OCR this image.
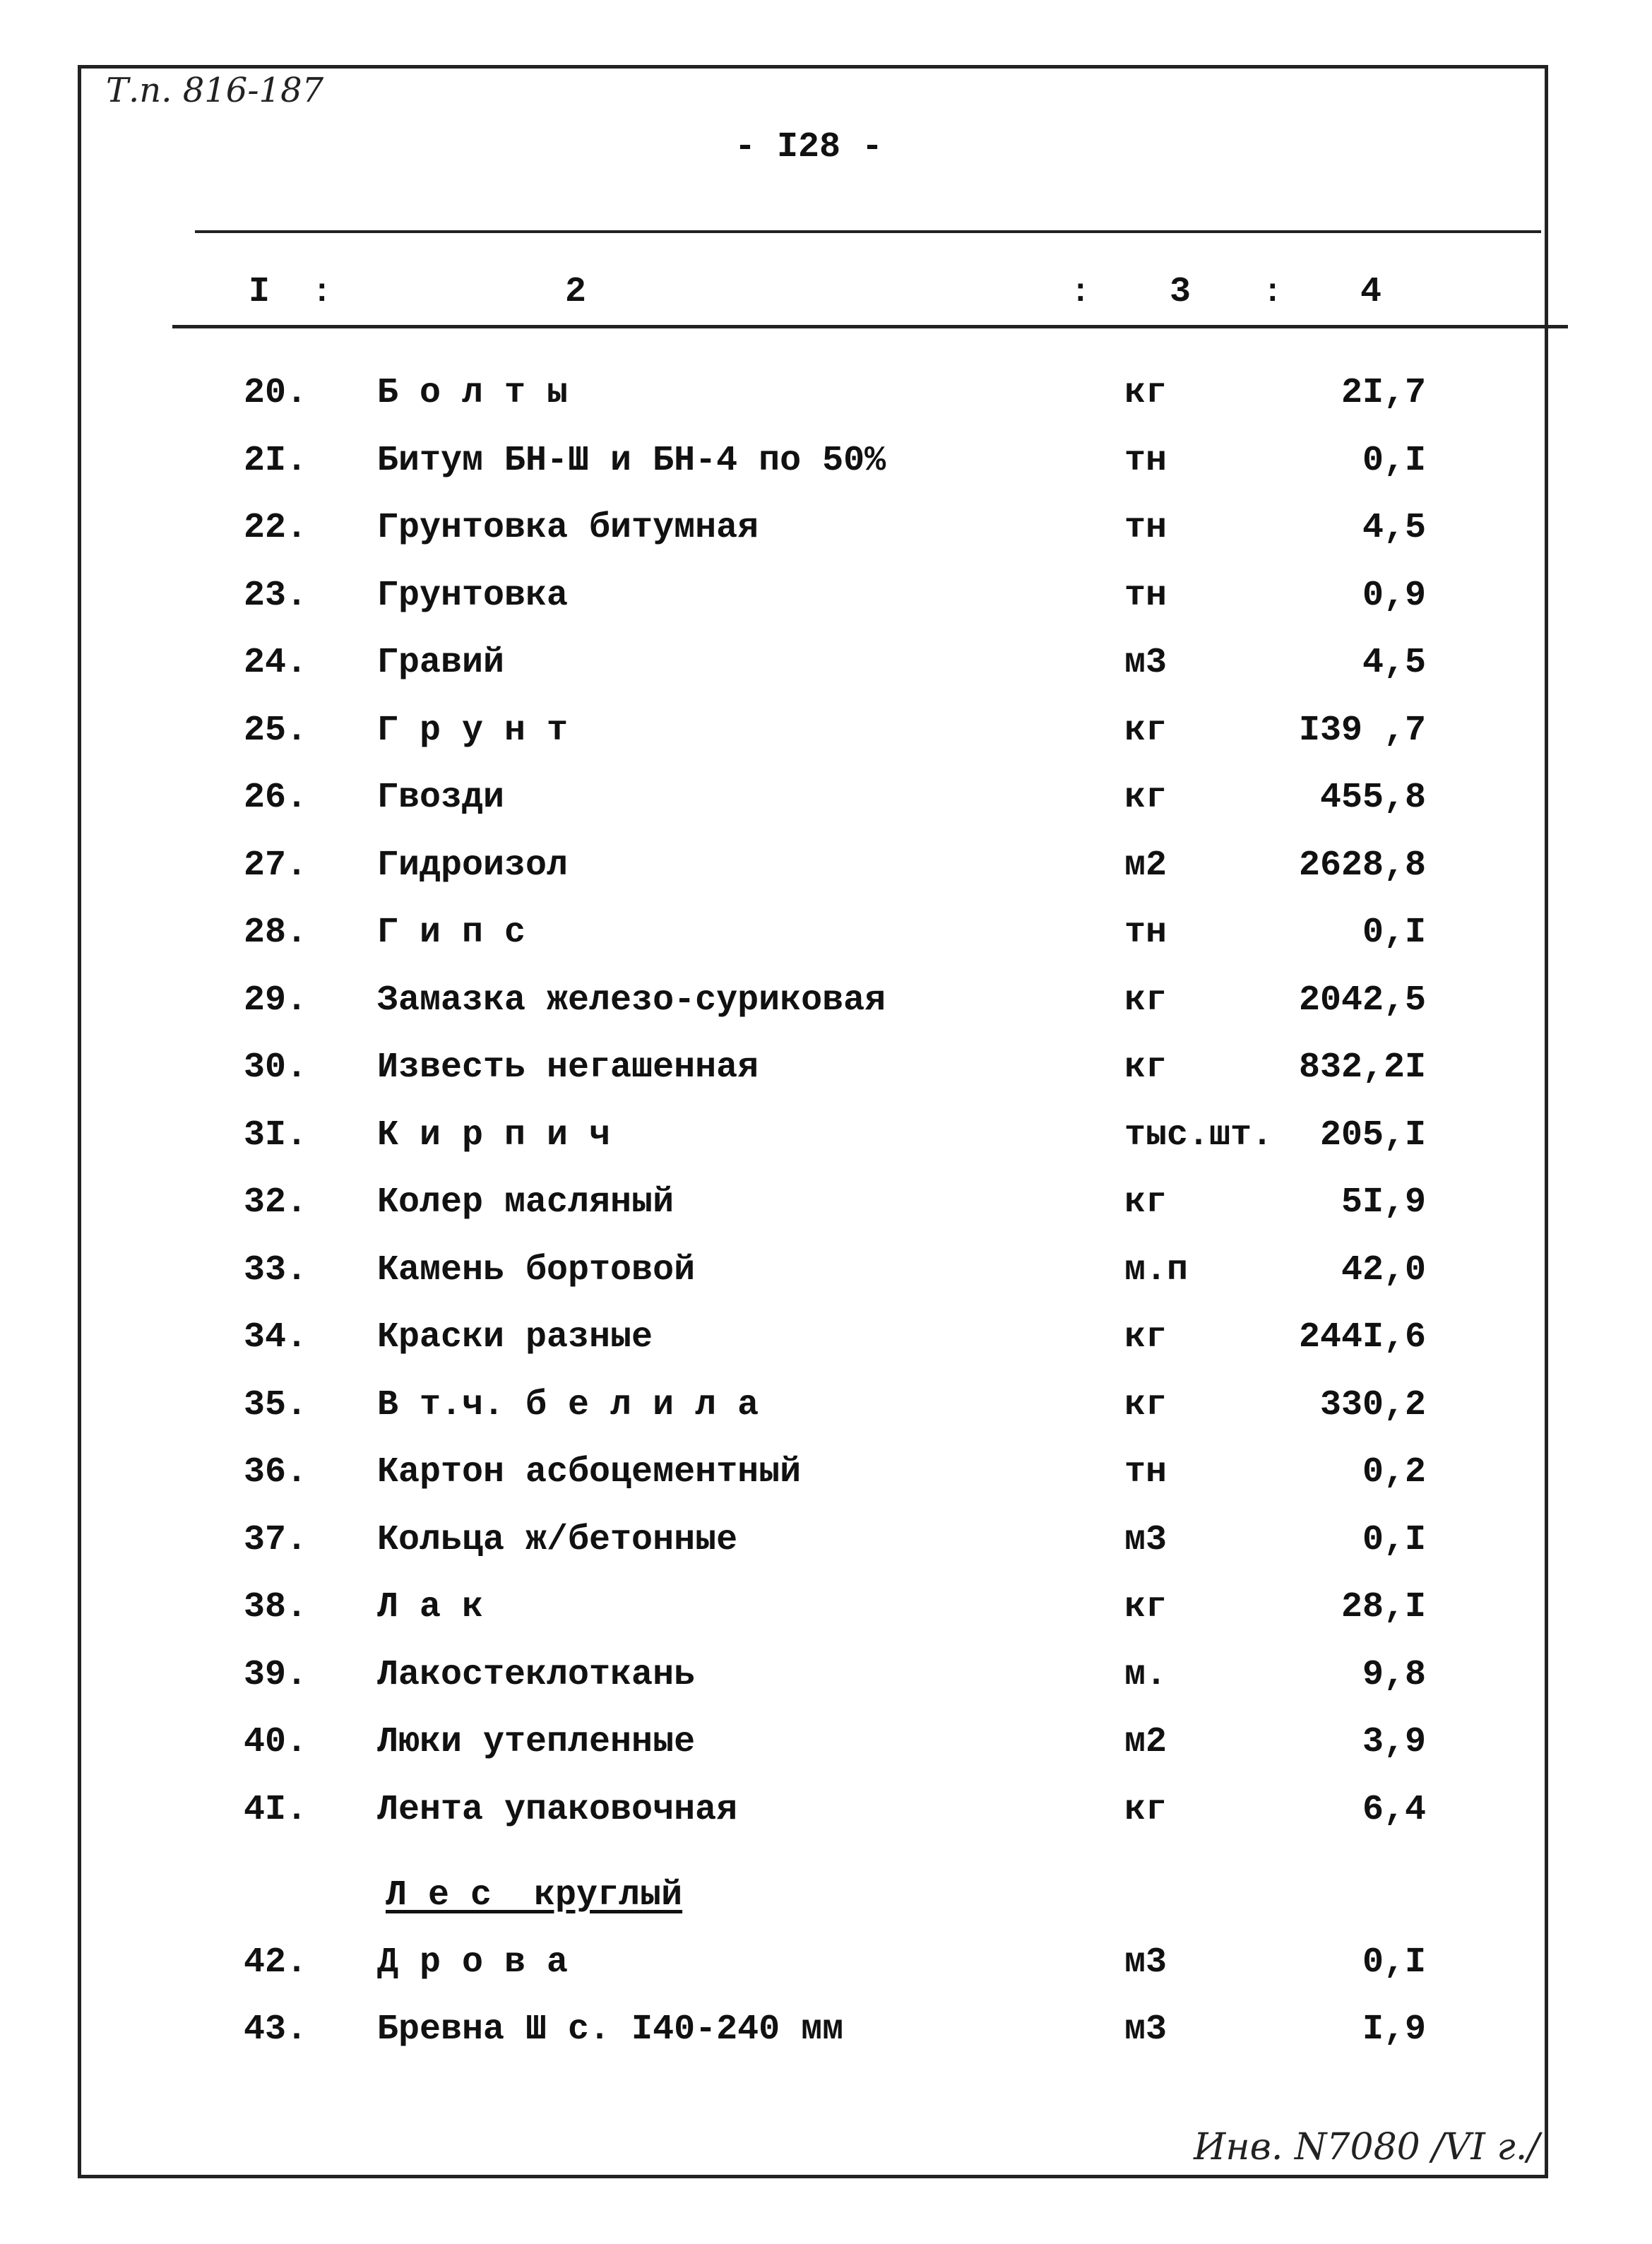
Т.п. 816-187
- I28 -
I :	2	: 3 : 4
20. Б о л т ы	кг	2I,7
2I. Битум БН-Ш и БН-4 по 50%	тн	0,I
22. Грунтовка битумная	тн	4,5
23. Грунтовка	тн	0,9
24. Гравий	м3	4,5
25. Г р у н т	кг	I39 ,7
26. Гвозди	кг	455,8
27. Гидроизол	м2	2628,8
28. Г и п с	тн	0,I
29. Замазка железо-суриковая	кг	2042,5
30. Известь негашенная	кг	832,2I
3I. К и р п и ч	тыс.шт. 205,I
32. Колер масляный	кг	5I,9
33. Камень бортовой	м.п	42,0
34. Краски разные	кг	244I,6
35. В т.ч. б е л и л а	кг	330,2
36. Картон асбоцементный	тн	0,2
37. Кольца ж/бетонные	м3	0,I
38. Л а к	кг	28,I
39. Лакостеклоткань	м.	9,8
40. Люки утепленные	м2	3,9
4I. Лента упаковочная	кг	6,4
Л е с  круглый
42. Д р о в а	м3	0,I
43. Бревна Ш с. I40-240 мм	м3	I,9
Инв. N7080 /VI г./
